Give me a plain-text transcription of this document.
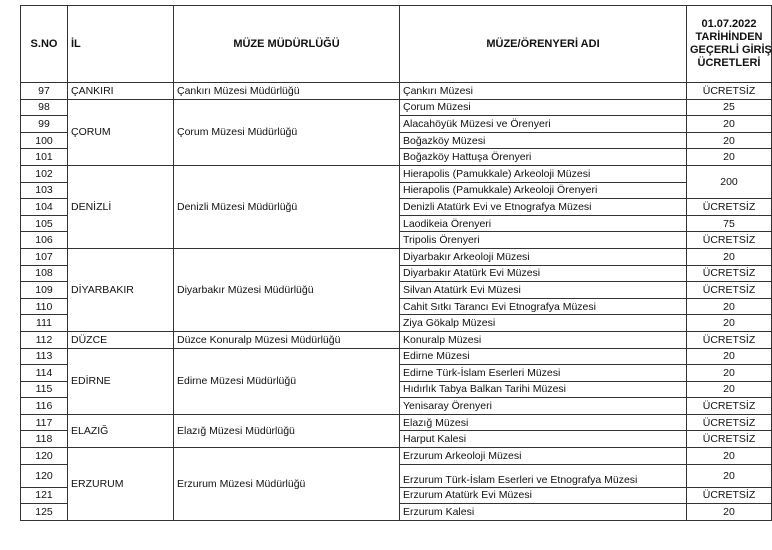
S.NO	İL	MÜZE MÜDÜRLÜĞÜ	MÜZE/ÖRENYERİ ADI	01.07.2022
TARİHİNDEN
GEÇERLİ GİRİŞ
ÜCRETLERİ
97	ÇANKIRI	Çankırı Müzesi Müdürlüğü	Çankırı Müzesi	ÜCRETSİZ
98	ÇORUM	Çorum Müzesi Müdürlüğü	Çorum Müzesi	25
99			Alacahöyük Müzesi ve Örenyeri	20
100			Boğazköy Müzesi	20
101			Boğazköy Hattuşa Örenyeri	20
102	DENİZLİ	Denizli Müzesi Müdürlüğü	Hierapolis (Pamukkale) Arkeoloji Müzesi	200
103			Hierapolis (Pamukkale) Arkeoloji Örenyeri	
104			Denizli Atatürk Evi ve Etnografya Müzesi	ÜCRETSİZ
105			Laodikeia Örenyeri	75
106			Tripolis Örenyeri	ÜCRETSİZ
107	DİYARBAKIR	Diyarbakır Müzesi Müdürlüğü	Diyarbakır Arkeoloji Müzesi	20
108			Diyarbakır Atatürk Evi Müzesi	ÜCRETSİZ
109			Silvan Atatürk Evi Müzesi	ÜCRETSİZ
110			Cahit Sıtkı Tarancı Evi Etnografya Müzesi	20
111			Ziya Gökalp Müzesi	20
112	DÜZCE	Düzce Konuralp Müzesi Müdürlüğü	Konuralp Müzesi	ÜCRETSİZ
113	EDİRNE	Edirne Müzesi Müdürlüğü	Edirne Müzesi	20
114			Edirne Türk-İslam Eserleri Müzesi	20
115			Hıdırlık Tabya Balkan Tarihi Müzesi	20
116			Yenisaray Örenyeri	ÜCRETSİZ
117	ELAZIĞ	Elazığ Müzesi Müdürlüğü	Elazığ Müzesi	ÜCRETSİZ
118			Harput Kalesi	ÜCRETSİZ
120	ERZURUM	Erzurum Müzesi Müdürlüğü	Erzurum Arkeoloji Müzesi	20
120			Erzurum Türk-İslam Eserleri ve Etnografya Müzesi	20
121			Erzurum Atatürk Evi Müzesi	ÜCRETSİZ
125			Erzurum Kalesi	20
